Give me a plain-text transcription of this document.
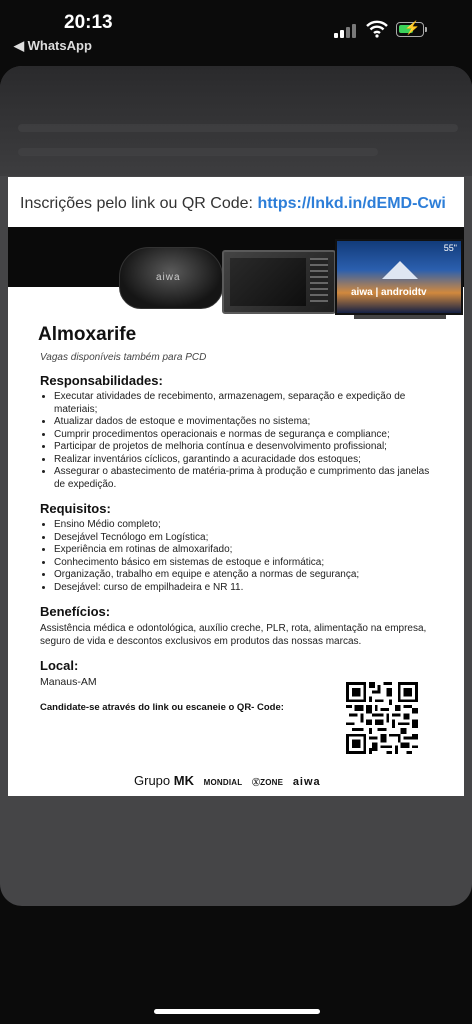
20:13
◀ WhatsApp
⚡
Inscrições pelo link ou QR Code: https://lnkd.in/dEMD-Cwi
aiwa
55"
aiwa | androidtv
Almoxarife
Vagas disponíveis também para PCD
Responsabilidades:
• Executar atividades de recebimento, armazenagem, separação e expedição de materiais;
• Atualizar dados de estoque e movimentações no sistema;
• Cumprir procedimentos operacionais e normas de segurança e compliance;
• Participar de projetos de melhoria contínua e desenvolvimento profissional;
• Realizar inventários cíclicos, garantindo a acuracidade dos estoques;
• Assegurar o abastecimento de matéria-prima à produção e cumprimento das janelas de expedição.
Requisitos:
• Ensino Médio completo;
• Desejável Tecnólogo em Logística;
• Experiência em rotinas de almoxarifado;
• Conhecimento básico em sistemas de estoque e informática;
• Organização, trabalho em equipe e atenção a normas de segurança;
• Desejável: curso de empilhadeira e NR 11.
Benefícios:

Assistência médica e odontológica, auxílio creche, PLR, rota, alimentação na empresa, seguro de vida e descontos exclusivos em produtos das nossas marcas.

Local:
Manaus-AM
Candidate-se através do link ou escaneie o QR- Code:
Grupo MK MONDIAL ⓍZONE aiwa
